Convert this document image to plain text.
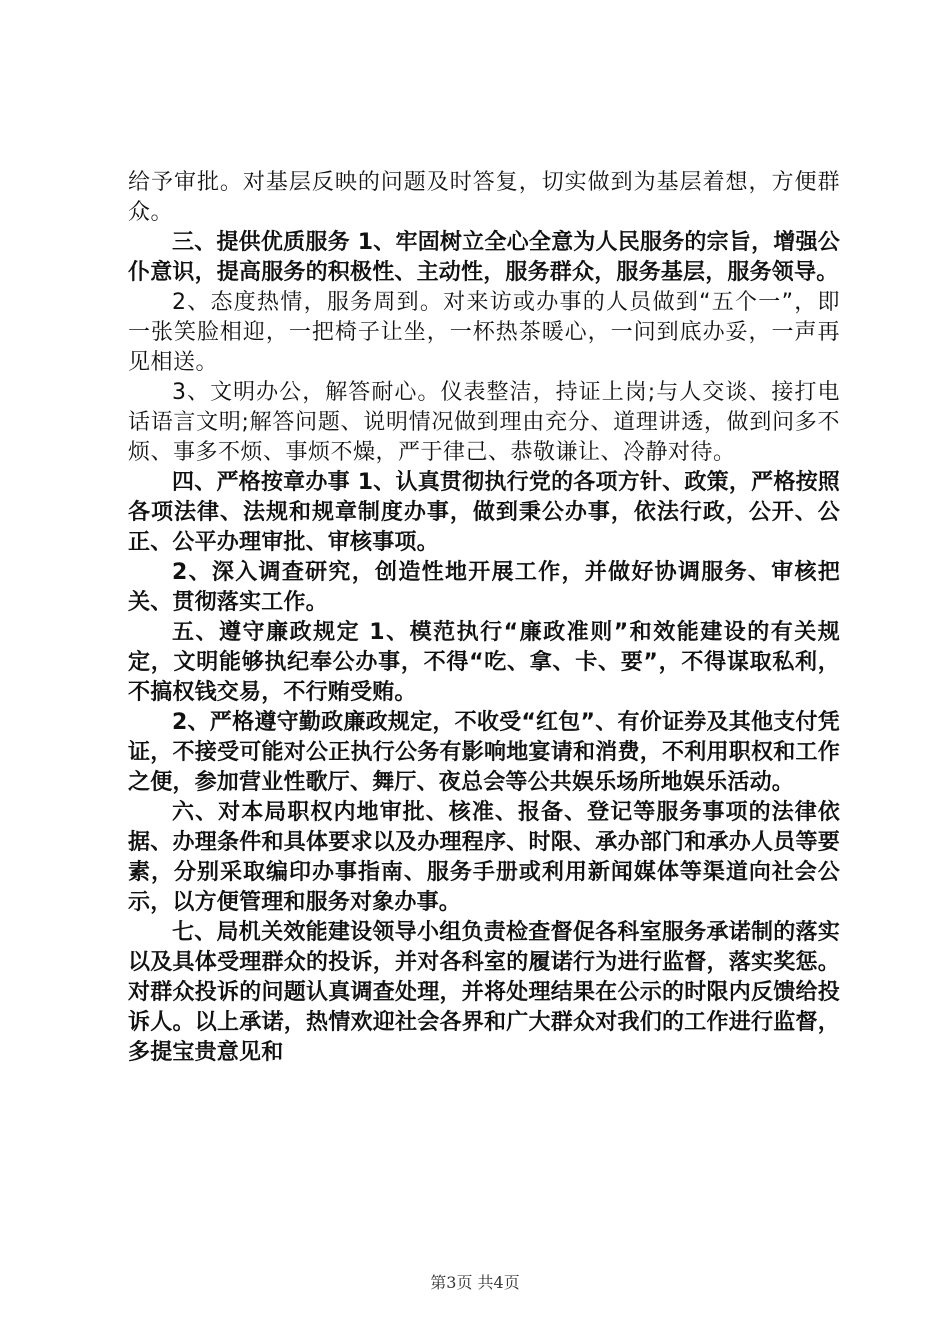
给予审批。对基层反映的问题及时答复，切实做到为基层着想，方便群众。

三、提供优质服务 1、牢固树立全心全意为人民服务的宗旨，增强公仆意识，提高服务的积极性、主动性，服务群众，服务基层，服务领导。

2、态度热情，服务周到。对来访或办事的人员做到“五个一”，即一张笑脸相迎，一把椅子让坐，一杯热茶暖心，一问到底办妥，一声再见相送。

3、文明办公，解答耐心。仪表整洁，持证上岗;与人交谈、接打电话语言文明;解答问题、说明情况做到理由充分、道理讲透，做到问多不烦、事多不烦、事烦不燥，严于律己、恭敬谦让、冷静对待。

四、严格按章办事 1、认真贯彻执行党的各项方针、政策，严格按照各项法律、法规和规章制度办事，做到秉公办事，依法行政，公开、公正、公平办理审批、审核事项。

2、深入调查研究，创造性地开展工作，并做好协调服务、审核把关、贯彻落实工作。

五、遵守廉政规定 1、模范执行“廉政准则”和效能建设的有关规定，文明能够执纪奉公办事，不得“吃、拿、卡、要”，不得谋取私利，不搞权钱交易，不行贿受贿。

2、严格遵守勤政廉政规定，不收受“红包”、有价证券及其他支付凭证，不接受可能对公正执行公务有影响地宴请和消费，不利用职权和工作之便，参加营业性歌厅、舞厅、夜总会等公共娱乐场所地娱乐活动。

六、对本局职权内地审批、核准、报备、登记等服务事项的法律依据、办理条件和具体要求以及办理程序、时限、承办部门和承办人员等要素，分别采取编印办事指南、服务手册或利用新闻媒体等渠道向社会公示，以方便管理和服务对象办事。

七、局机关效能建设领导小组负责检查督促各科室服务承诺制的落实以及具体受理群众的投诉，并对各科室的履诺行为进行监督，落实奖惩。对群众投诉的问题认真调查处理，并将处理结果在公示的时限内反馈给投诉人。以上承诺，热情欢迎社会各界和广大群众对我们的工作进行监督，多提宝贵意见和

第3页 共4页
